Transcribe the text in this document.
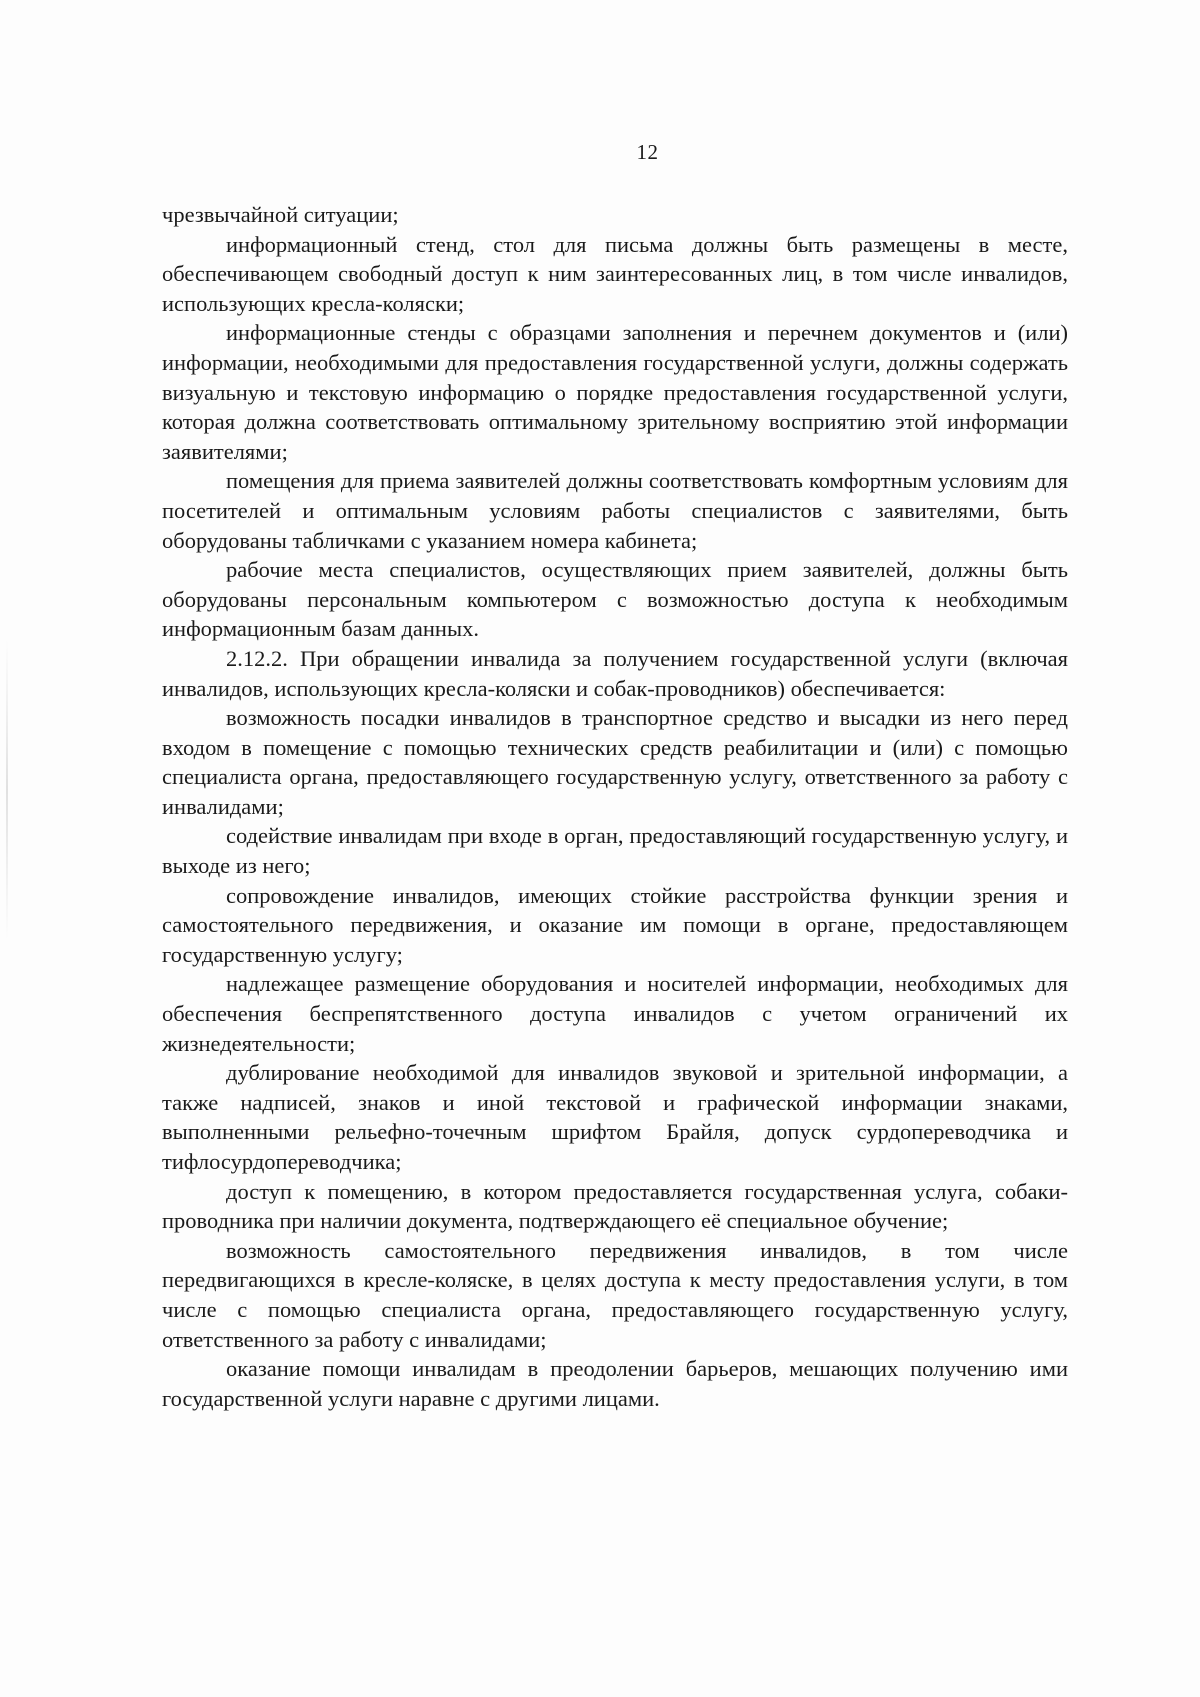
12

чрезвычайной ситуации;

информационный стенд, стол для письма должны быть размещены в месте, обеспечивающем свободный доступ к ним заинтересованных лиц, в том числе инвалидов, использующих кресла-коляски;

информационные стенды с образцами заполнения и перечнем документов и (или) информации, необходимыми для предоставления государственной услуги, должны содержать визуальную и текстовую информацию о порядке предоставления государственной услуги, которая должна соответствовать оптимальному зрительному восприятию этой информации заявителями;

помещения для приема заявителей должны соответствовать комфортным условиям для посетителей и оптимальным условиям работы специалистов с заявителями, быть оборудованы табличками с указанием номера кабинета;

рабочие места специалистов, осуществляющих прием заявителей, должны быть оборудованы персональным компьютером с возможностью доступа к необходимым информационным базам данных.

2.12.2. При обращении инвалида за получением государственной услуги (включая инвалидов, использующих кресла-коляски и собак-проводников) обеспечивается:

возможность посадки инвалидов в транспортное средство и высадки из него перед входом в помещение с помощью технических средств реабилитации и (или) с помощью специалиста органа, предоставляющего государственную услугу, ответственного за работу с инвалидами;

содействие инвалидам при входе в орган, предоставляющий государственную услугу, и выходе из него;

сопровождение инвалидов, имеющих стойкие расстройства функции зрения и самостоятельного передвижения, и оказание им помощи в органе, предоставляющем государственную услугу;

надлежащее размещение оборудования и носителей информации, необходимых для обеспечения беспрепятственного доступа инвалидов с учетом ограничений их жизнедеятельности;

дублирование необходимой для инвалидов звуковой и зрительной информации, а также надписей, знаков и иной текстовой и графической информации знаками, выполненными рельефно-точечным шрифтом Брайля, допуск сурдопереводчика и тифлосурдопереводчика;

доступ к помещению, в котором предоставляется государственная услуга, собаки-проводника при наличии документа, подтверждающего её специальное обучение;

возможность самостоятельного передвижения инвалидов, в том числе передвигающихся в кресле-коляске, в целях доступа к месту предоставления услуги, в том числе с помощью специалиста органа, предоставляющего государственную услугу, ответственного за работу с инвалидами;

оказание помощи инвалидам в преодолении барьеров, мешающих получению ими государственной услуги наравне с другими лицами.
